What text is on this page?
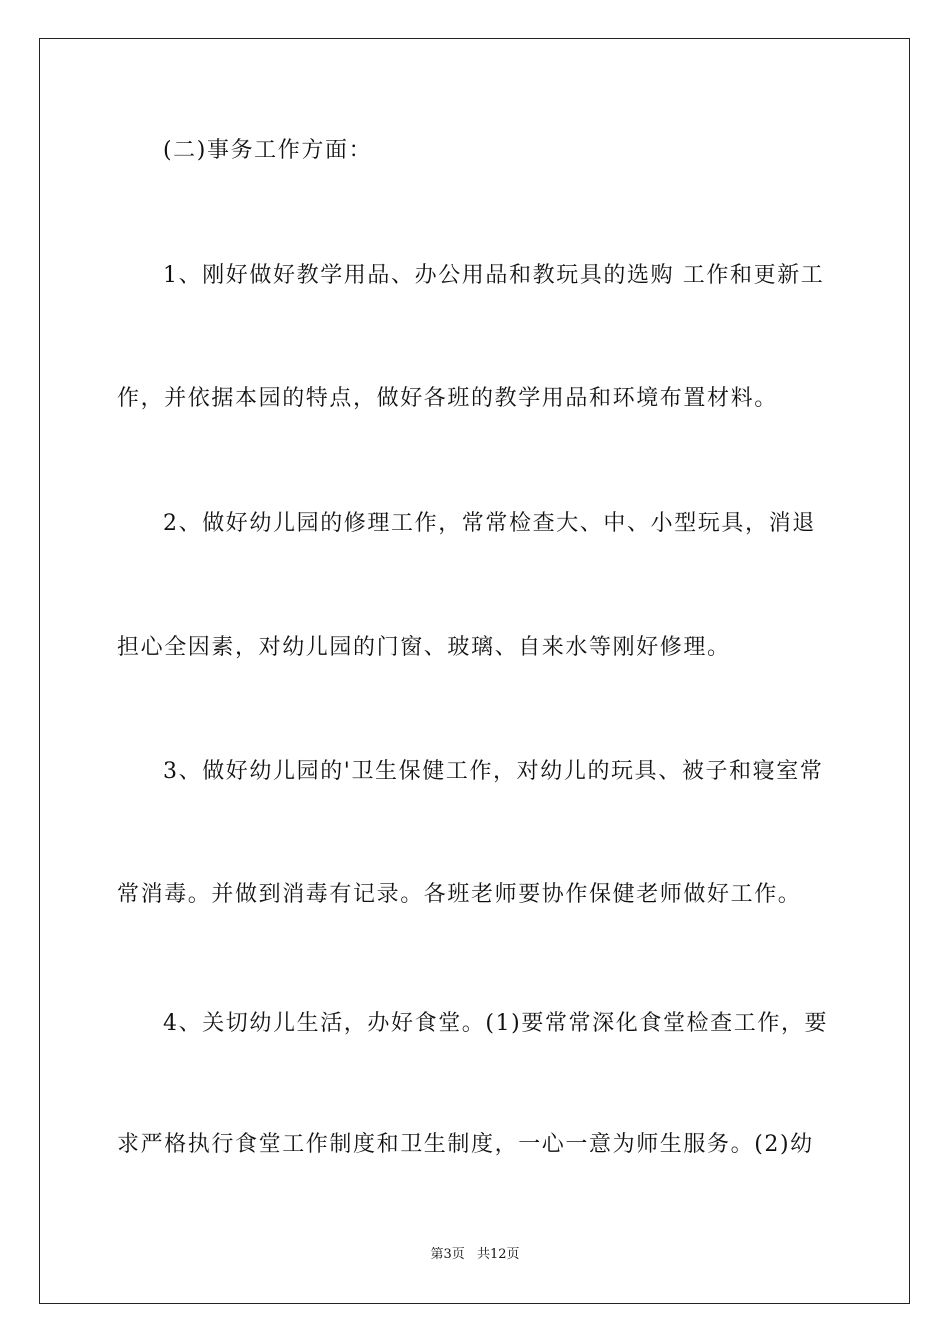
(二)事务工作方面：
1、刚好做好教学用品、办公用品和教玩具的选购 工作和更新工
作，并依据本园的特点，做好各班的教学用品和环境布置材料。
2、做好幼儿园的修理工作，常常检查大、中、小型玩具，消退
担心全因素，对幼儿园的门窗、玻璃、自来水等刚好修理。
3、做好幼儿园的'卫生保健工作，对幼儿的玩具、被子和寝室常
常消毒。并做到消毒有记录。各班老师要协作保健老师做好工作。
4、关切幼儿生活，办好食堂。(1)要常常深化食堂检查工作，要
求严格执行食堂工作制度和卫生制度，一心一意为师生服务。(2)幼
第3页 共12页
